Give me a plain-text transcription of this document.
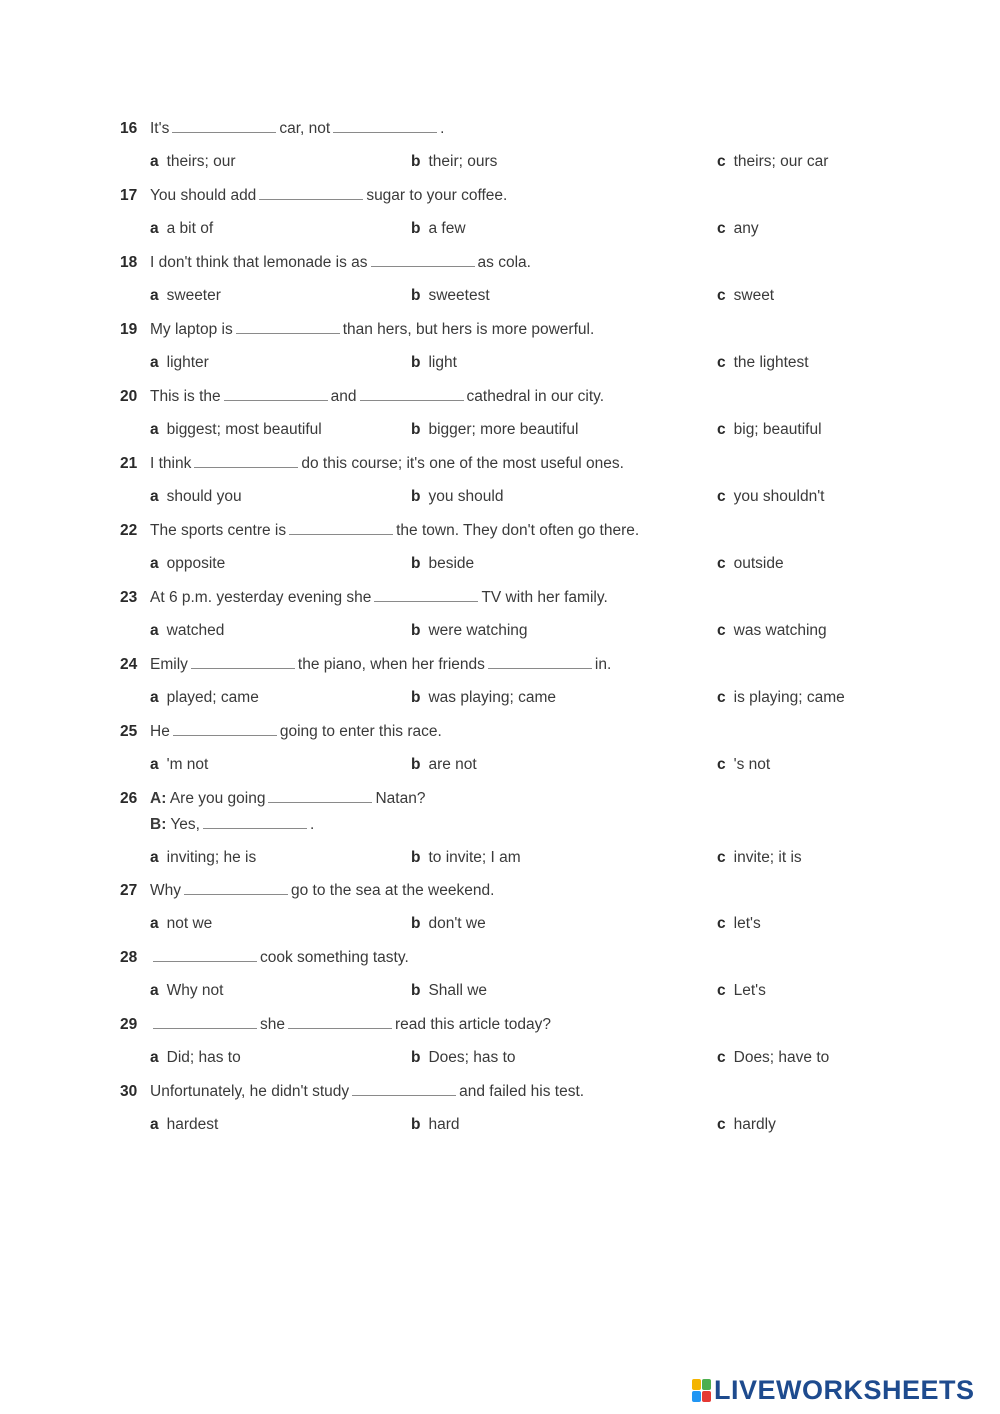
16 It's	car, not	.
a theirs; our	b their; ours	c theirs; our car
17 You should add	sugar to your coffee.
a a bit of	b a few	c any
18 I don't think that lemonade is as	as cola.
a sweeter	b sweetest	c sweet
19 My laptop is	than hers, but hers is more powerful.
a lighter	b light	c the lightest
20 This is the	and	cathedral in our city.
a biggest; most beautiful	b bigger; more beautiful	c big; beautiful
21 I think	do this course; it's one of the most useful ones.
a should you	b you should	c you shouldn't
22 The sports centre is	the town. They don't often go there.
a opposite	b beside	c outside
23 At 6 p.m. yesterday evening she	TV with her family.
a watched	b were watching	c was watching
24 Emily	the piano, when her friends	in.
a played; came	b was playing; came	c is playing; came
25 He	going to enter this race.
a 'm not	b are not	c 's not
26 A: Are you going	Natan?
B: Yes,	.
a inviting; he is	b to invite; I am	c invite; it is
27 Why	go to the sea at the weekend.
a not we	b don't we	c let's
28	cook something tasty.
a Why not	b Shall we	c Let's
29	she	read this article today?
a Did; has to	b Does; has to	c Does; have to
30 Unfortunately, he didn't study	and failed his test.
a hardest	b hard	c hardly
LIVEWORKSHEETS
